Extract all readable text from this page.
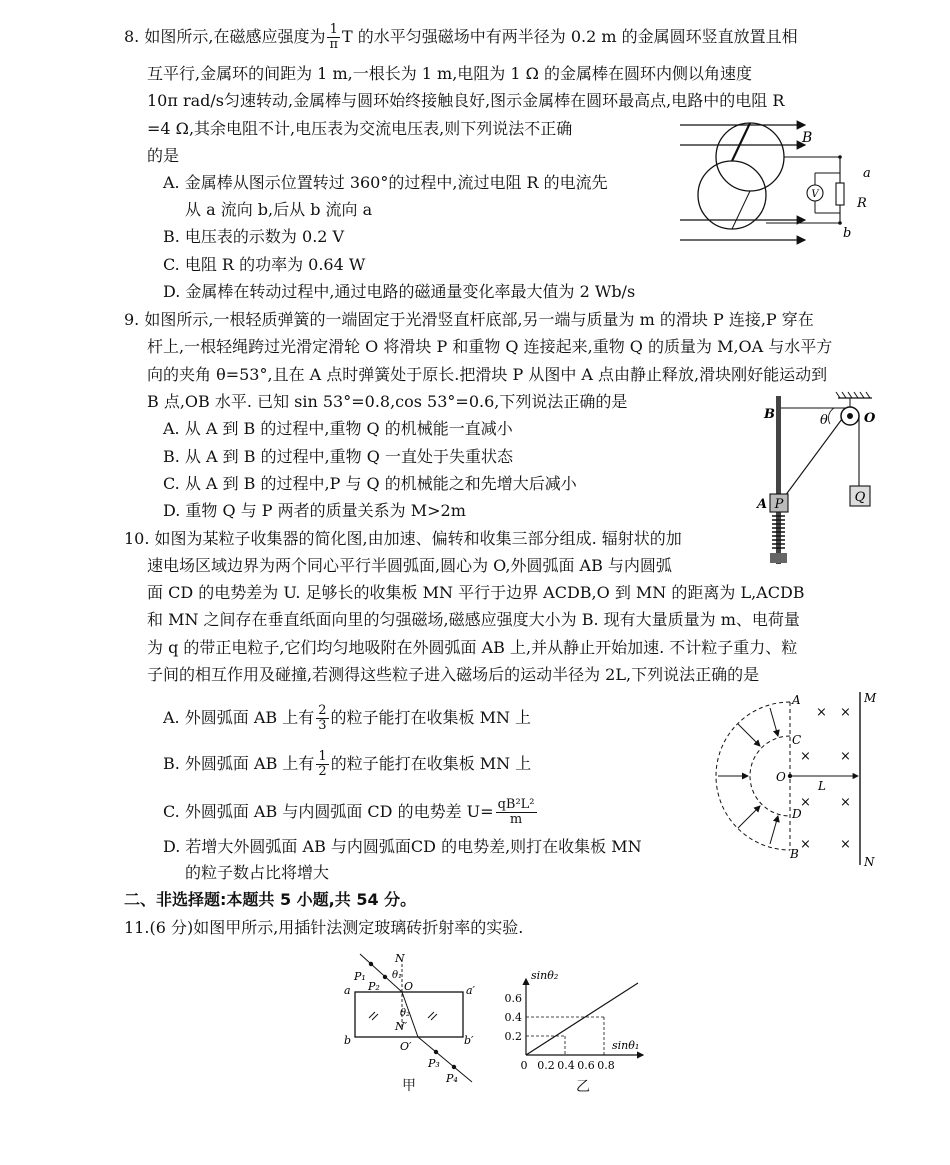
8. 如图所示,在磁感应强度为 $\frac{1}{\pi}$ T 的水平匀强磁场中有两半径为 0.2 m 的金属圆环竖直放置且相
互平行,金属环的间距为 1 m,一根长为 1 m,电阻为 1 Ω 的金属棒在圆环内侧以角速度
10π rad/s匀速转动,金属棒与圆环始终接触良好,图示金属棒在圆环最高点,电路中的电阻 R
=4 Ω,其余电阻不计,电压表为交流电压表,则下列说法不正确
的是
A. 金属棒从图示位置转过 360°的过程中,流过电阻 R 的电流先
从 a 流向 b,后从 b 流向 a
B. 电压表的示数为 0.2 V
C. 电阻 R 的功率为 0.64 W
D. 金属棒在转动过程中,通过电路的磁通量变化率最大值为 2 Wb/s
V
B
a
R
b
9. 如图所示,一根轻质弹簧的一端固定于光滑竖直杆底部,另一端与质量为 m 的滑块 P 连接,P 穿在
杆上,一根轻绳跨过光滑定滑轮 O 将滑块 P 和重物 Q 连接起来,重物 Q 的质量为 M,OA 与水平方
向的夹角 θ=53°,且在 A 点时弹簧处于原长.把滑块 P 从图中 A 点由静止释放,滑块刚好能运动到
B 点,OB 水平. 已知 sin 53°=0.8,cos 53°=0.6,下列说法正确的是
A. 从 A 到 B 的过程中,重物 Q 的机械能一直减小
B. 从 A 到 B 的过程中,重物 Q 一直处于失重状态
C. 从 A 到 B 的过程中,P 与 Q 的机械能之和先增大后减小
D. 重物 Q 与 P 两者的质量关系为 M>2m
Q
P
B	θ	O
A
10. 如图为某粒子收集器的简化图,由加速、偏转和收集三部分组成. 辐射状的加
速电场区域边界为两个同心平行半圆弧面,圆心为 O,外圆弧面 AB 与内圆弧
面 CD 的电势差为 U. 足够长的收集板 MN 平行于边界 ACDB,O 到 MN 的距离为 L,ACDB
和 MN 之间存在垂直纸面向里的匀强磁场,磁感应强度大小为 B. 现有大量质量为 m、电荷量
为 q 的带正电粒子,它们均匀地吸附在外圆弧面 AB 上,并从静止开始加速. 不计粒子重力、粒
子间的相互作用及碰撞,若测得这些粒子进入磁场后的运动半径为 2L,下列说法正确的是
A. 外圆弧面 AB 上有 $\frac{2}{3}$ 的粒子能打在收集板 MN 上
B. 外圆弧面 AB 上有 $\frac{1}{2}$ 的粒子能打在收集板 MN 上
C. 外圆弧面 AB 与内圆弧面 CD 的电势差 $U= \frac{\text{qB²L²}}{m}$
D. 若增大外圆弧面 AB 与内圆弧面CD 的电势差,则打在收集板 MN
的粒子数占比将增大
× ×
× ×
× ×
× ×
A
C
O
L
D
B
M
N
二、非选择题:本题共 5 小题,共 54 分。
11.(6 分)如图甲所示,用插针法测定玻璃砖折射率的实验.
P₁
P₂
N
θ₁
O
θ₂
N′
O′
a	a′
b	b′
P₃
P₄
甲
sinθ₂
sinθ₁
0.2
0.4
0.6
0 0.2 0.4 0.6 0.8
乙
